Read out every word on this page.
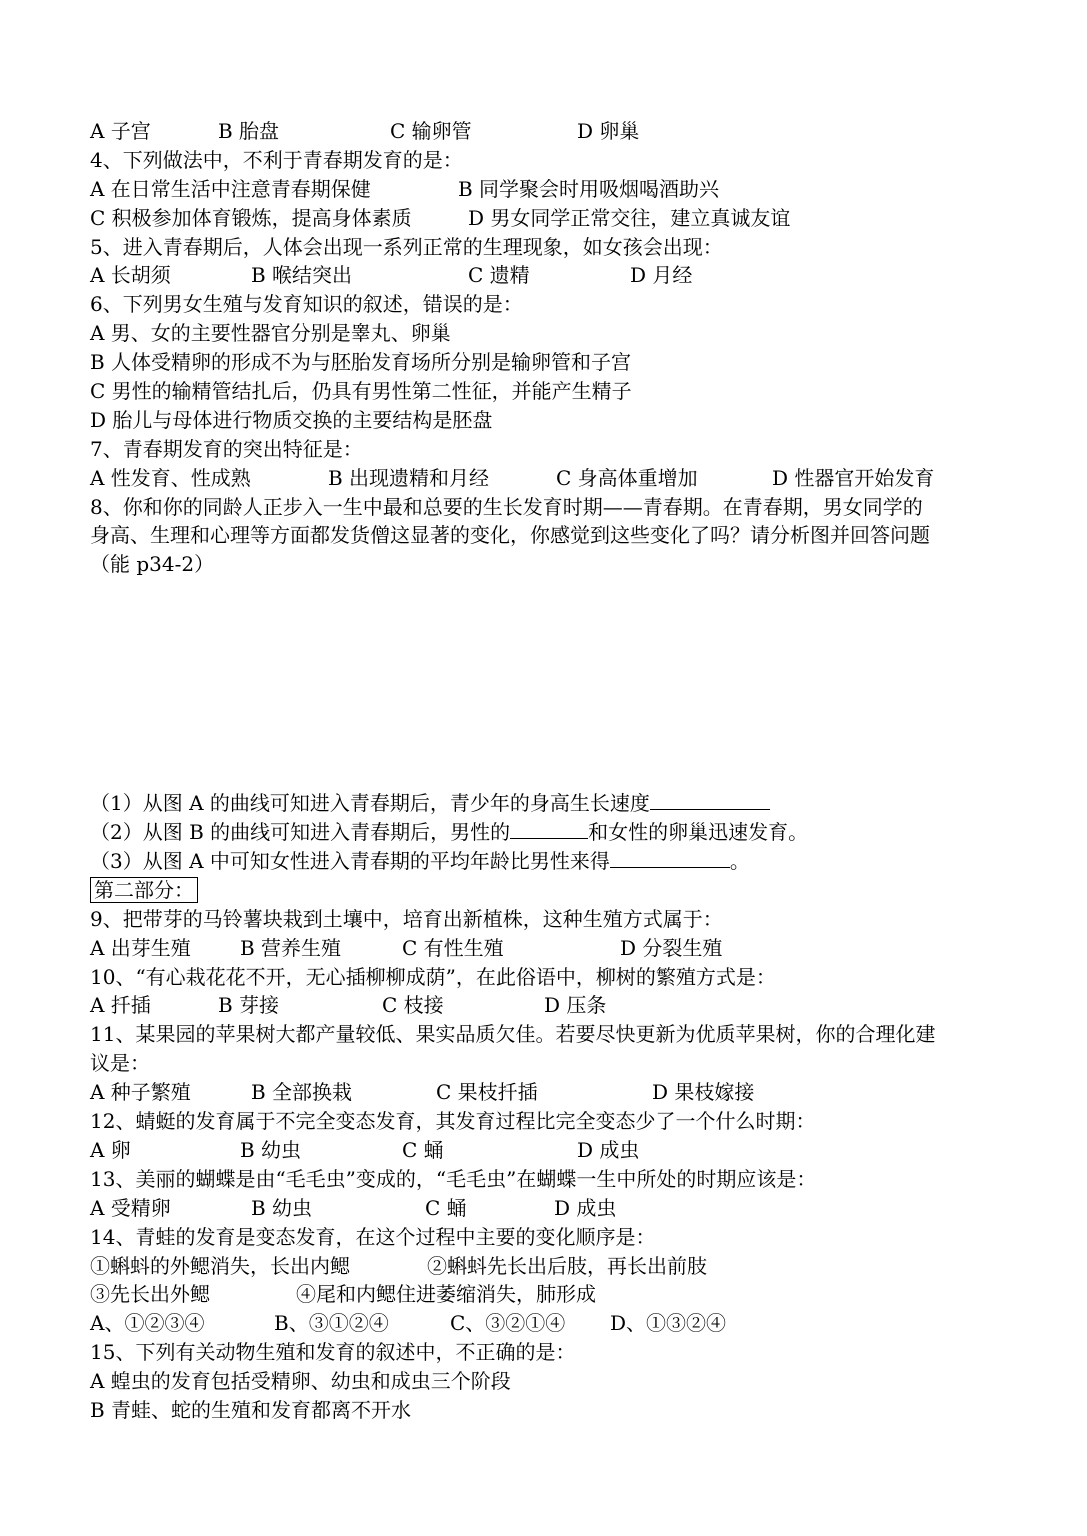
A 子宫	B 胎盘	C 输卵管	D 卵巢
4、下列做法中，不利于青春期发育的是：
A 在日常生活中注意青春期保健	B 同学聚会时用吸烟喝酒助兴
C 积极参加体育锻炼，提高身体素质	D 男女同学正常交往，建立真诚友谊
5、进入青春期后，人体会出现一系列正常的生理现象，如女孩会出现：
A 长胡须	B 喉结突出	C 遗精	D 月经
6、下列男女生殖与发育知识的叙述，错误的是：
A 男、女的主要性器官分别是睾丸、卵巢
B 人体受精卵的形成不为与胚胎发育场所分别是输卵管和子宫
C 男性的输精管结扎后，仍具有男性第二性征，并能产生精子
D 胎儿与母体进行物质交换的主要结构是胚盘
7、青春期发育的突出特征是：
A 性发育、性成熟	B 出现遗精和月经	C 身高体重增加	D 性器官开始发育
8、你和你的同龄人正步入一生中最和总要的生长发育时期——青春期。在青春期，男女同学的
身高、生理和心理等方面都发货僧这显著的变化，你感觉到这些变化了吗？请分析图并回答问题
（能 p34-2）
（1）从图 A 的曲线可知进入青春期后，青少年的身高生长速度
（2）从图 B 的曲线可知进入青春期后，男性的	和女性的卵巢迅速发育。
（3）从图 A 中可知女性进入青春期的平均年龄比男性来得	。
第二部分：
9、把带芽的马铃薯块栽到土壤中，培育出新植株，这种生殖方式属于：
A 出芽生殖 B 营养生殖	C 有性生殖	D 分裂生殖
10、“有心栽花花不开，无心插柳柳成荫”，在此俗语中，柳树的繁殖方式是：
A 扦插	B 芽接	C 枝接	D 压条
11、某果园的苹果树大都产量较低、果实品质欠佳。若要尽快更新为优质苹果树，你的合理化建
议是：
A 种子繁殖	B 全部换栽	C 果枝扦插	D 果枝嫁接
12、蜻蜓的发育属于不完全变态发育，其发育过程比完全变态少了一个什么时期：
A 卵	B 幼虫	C 蛹	D 成虫
13、美丽的蝴蝶是由“毛毛虫”变成的，“毛毛虫”在蝴蝶一生中所处的时期应该是：
A 受精卵	B 幼虫	C 蛹	D 成虫
14、青蛙的发育是变态发育，在这个过程中主要的变化顺序是：
①蝌蚪的外鳃消失，长出内鳃	②蝌蚪先长出后肢，再长出前肢
③先长出外鳃	④尾和内鳃住进萎缩消失，肺形成
A、①②③④	B、③①②④	C、③②①④ D、①③②④
15、下列有关动物生殖和发育的叙述中，不正确的是：
A 蝗虫的发育包括受精卵、幼虫和成虫三个阶段
B 青蛙、蛇的生殖和发育都离不开水
